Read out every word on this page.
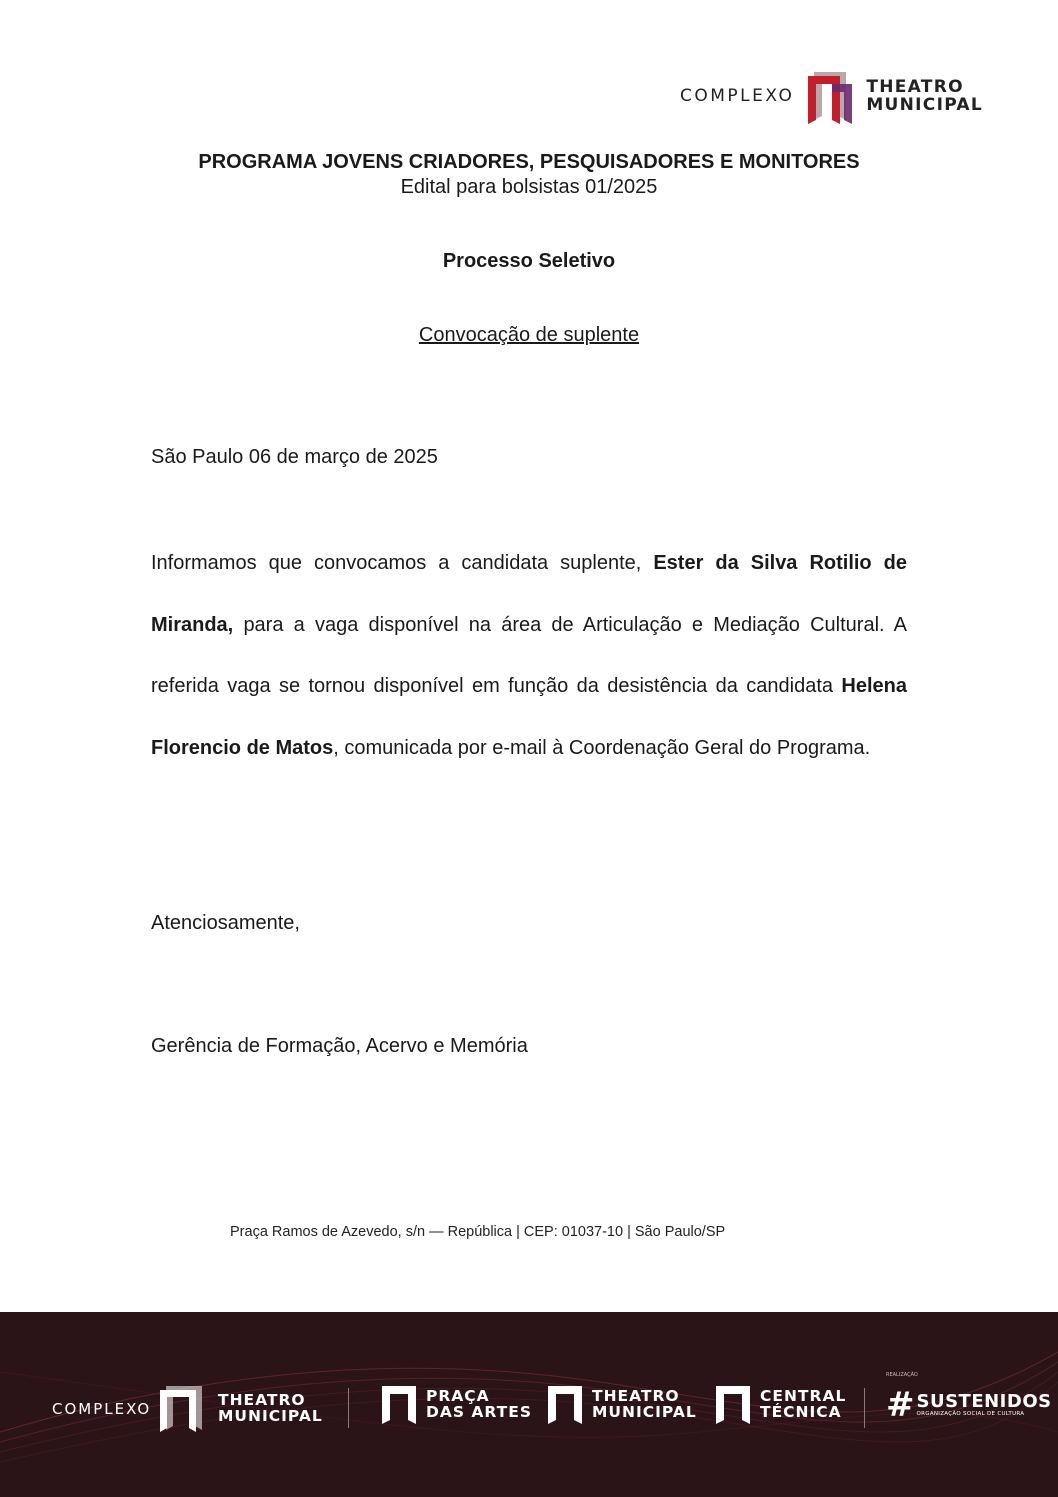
COMPLEXO	THEATRO
MUNICIPAL
PROGRAMA JOVENS CRIADORES, PESQUISADORES E MONITORES
Edital para bolsistas 01/2025
Processo Seletivo
Convocação de suplente
São Paulo 06 de março de 2025
Informamos que convocamos a candidata suplente, Ester da Silva Rotilio de Miranda, para a vaga disponível na área de Articulação e Mediação Cultural. A referida vaga se tornou disponível em função da desistência da candidata Helena Florencio de Matos, comunicada por e-mail à Coordenação Geral do Programa.
Atenciosamente,
Gerência de Formação, Acervo e Memória
Praça Ramos de Azevedo, s/n — República | CEP: 01037-10 | São Paulo/SP
COMPLEXO	THEATRO
MUNICIPAL
PRAÇA
DAS ARTES
THEATRO
MUNICIPAL
CENTRAL
TÉCNICA
REALIZAÇÃO
# SUSTENIDOS
ORGANIZAÇÃO SOCIAL DE CULTURA
